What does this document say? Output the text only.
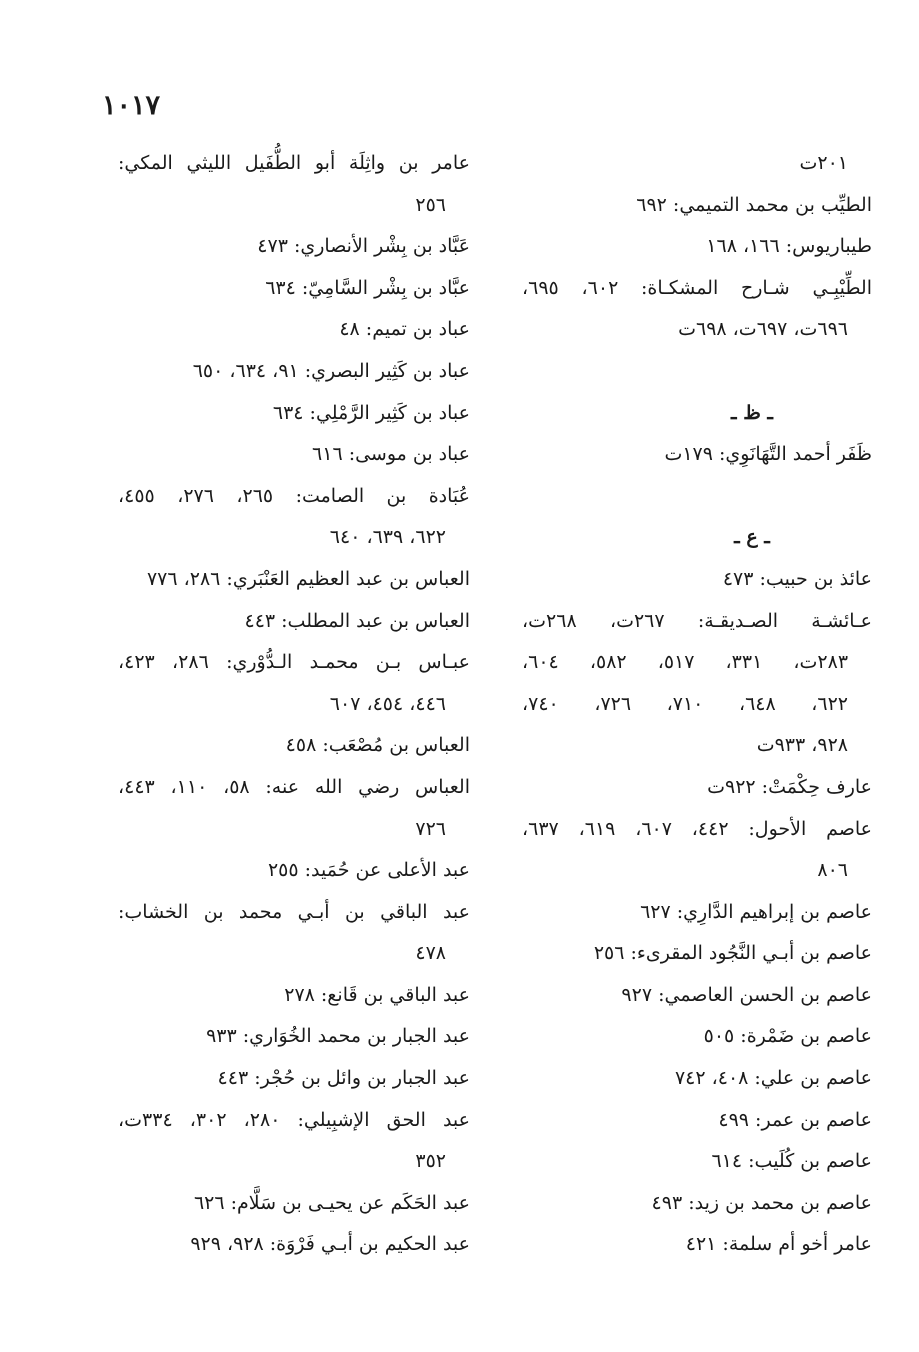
١٠١٧
٢٠١ت
الطيِّب بن محمد التميمي: ٦٩٢
طيباريوس: ١٦٦، ١٦٨
الطِّيْبِـي شـارح المشكـاة: ٦٠٢، ٦٩٥،
٦٩٦ت، ٦٩٧ت، ٦٩٨ت
ـ ظ ـ
ظَفَر أحمد التَّهَانَوِي: ١٧٩ت
ـ ع ـ
عائذ بن حبيب: ٤٧٣
عـائشـة الصـديقـة: ٢٦٧ت، ٢٦٨ت،
٢٨٣ت، ٣٣١، ٥١٧، ٥٨٢، ٦٠٤،
٦٢٢، ٦٤٨، ٧١٠، ٧٢٦، ٧٤٠،
٩٢٨، ٩٣٣ت
عارف حِكْمَتْ: ٩٢٢ت
عاصم الأحول: ٤٤٢، ٦٠٧، ٦١٩، ٦٣٧،
٨٠٦
عاصم بن إبراهيم الدَّارِي: ٦٢٧
عاصم بن أبـي النَّجُود المقرىء: ٢٥٦
عاصم بن الحسن العاصمي: ٩٢٧
عاصم بن ضَمْرة: ٥٠٥
عاصم بن علي: ٤٠٨، ٧٤٢
عاصم بن عمر: ٤٩٩
عاصم بن كُلَيب: ٦١٤
عاصم بن محمد بن زيد: ٤٩٣
عامر أخو أم سلمة: ٤٢١
عامر بن واثِلَة أبو الطُّفَيل الليثي المكي:
٢٥٦
عَبَّاد بن بِشْر الأنصاري: ٤٧٣
عبَّاد بن بِشْر السَّامِيّ: ٦٣٤
عباد بن تميم: ٤٨
عباد بن كَثِير البصري: ٩١، ٦٣٤، ٦٥٠
عباد بن كَثِير الرَّمْلِي: ٦٣٤
عباد بن موسى: ٦١٦
عُبَادة بن الصامت: ٢٦٥، ٢٧٦، ٤٥٥،
٦٢٢، ٦٣٩، ٦٤٠
العباس بن عبد العظيم العَنْبَري: ٢٨٦، ٧٧٦
العباس بن عبد المطلب: ٤٤٣
عبـاس بـن محمـد الـدُّوْري: ٢٨٦، ٤٢٣،
٤٤٦، ٤٥٤، ٦٠٧
العباس بن مُصْعَب: ٤٥٨
العباس رضي الله عنه: ٥٨، ١١٠، ٤٤٣،
٧٢٦
عبد الأعلى عن حُمَيد: ٢٥٥
عبد الباقي بن أبـي محمد بن الخشاب:
٤٧٨
عبد الباقي بن قَانع: ٢٧٨
عبد الجبار بن محمد الخُوَاري: ٩٣٣
عبد الجبار بن وائل بن حُجْر: ٤٤٣
عبد الحق الإشبِيلي: ٢٨٠، ٣٠٢، ٣٣٤ت،
٣٥٢
عبد الحَكَم عن يحيـى بن سَلَّام: ٦٢٦
عبد الحكيم بن أبـي فَرْوَة: ٩٢٨، ٩٢٩
